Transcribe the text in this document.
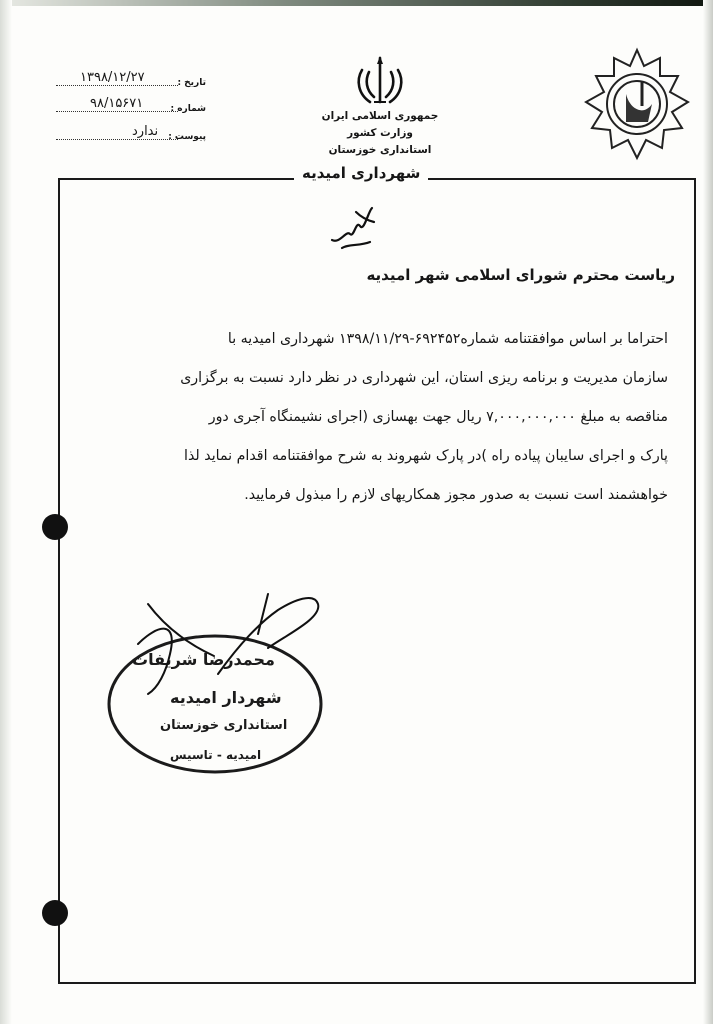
۱۳۹۸/۱۲/۲۷	تاریخ :
۹۸/۱۵۶۷۱	شماره :
ندارد پیوست :
جمهوری اسلامی ایران
وزارت کشور
استانداری خوزستان
شهرداری امیدیه
ریاست محترم شورای اسلامی شهر امیدیه
احتراما بر اساس موافقتنامه شماره۶۹۲۴۵۲-۱۳۹۸/۱۱/۲۹ شهرداری امیدیه با
سازمان مدیریت و برنامه ریزی استان، این شهرداری در نظر دارد نسبت به برگزاری
مناقصه به مبلغ ۷,۰۰۰,۰۰۰,۰۰۰ ریال جهت بهسازی (اجرای نشیمنگاه آجری دور
پارک و اجرای سایبان پیاده راه )در پارک شهروند به شرح موافقتنامه اقدام نماید لذا
خواهشمند است نسبت به صدور مجوز همکاریهای لازم را مبذول فرمایید.
محمدرضا شریفات
شهردار امیدیه
استانداری خوزستان
امیدیه - تاسیس
